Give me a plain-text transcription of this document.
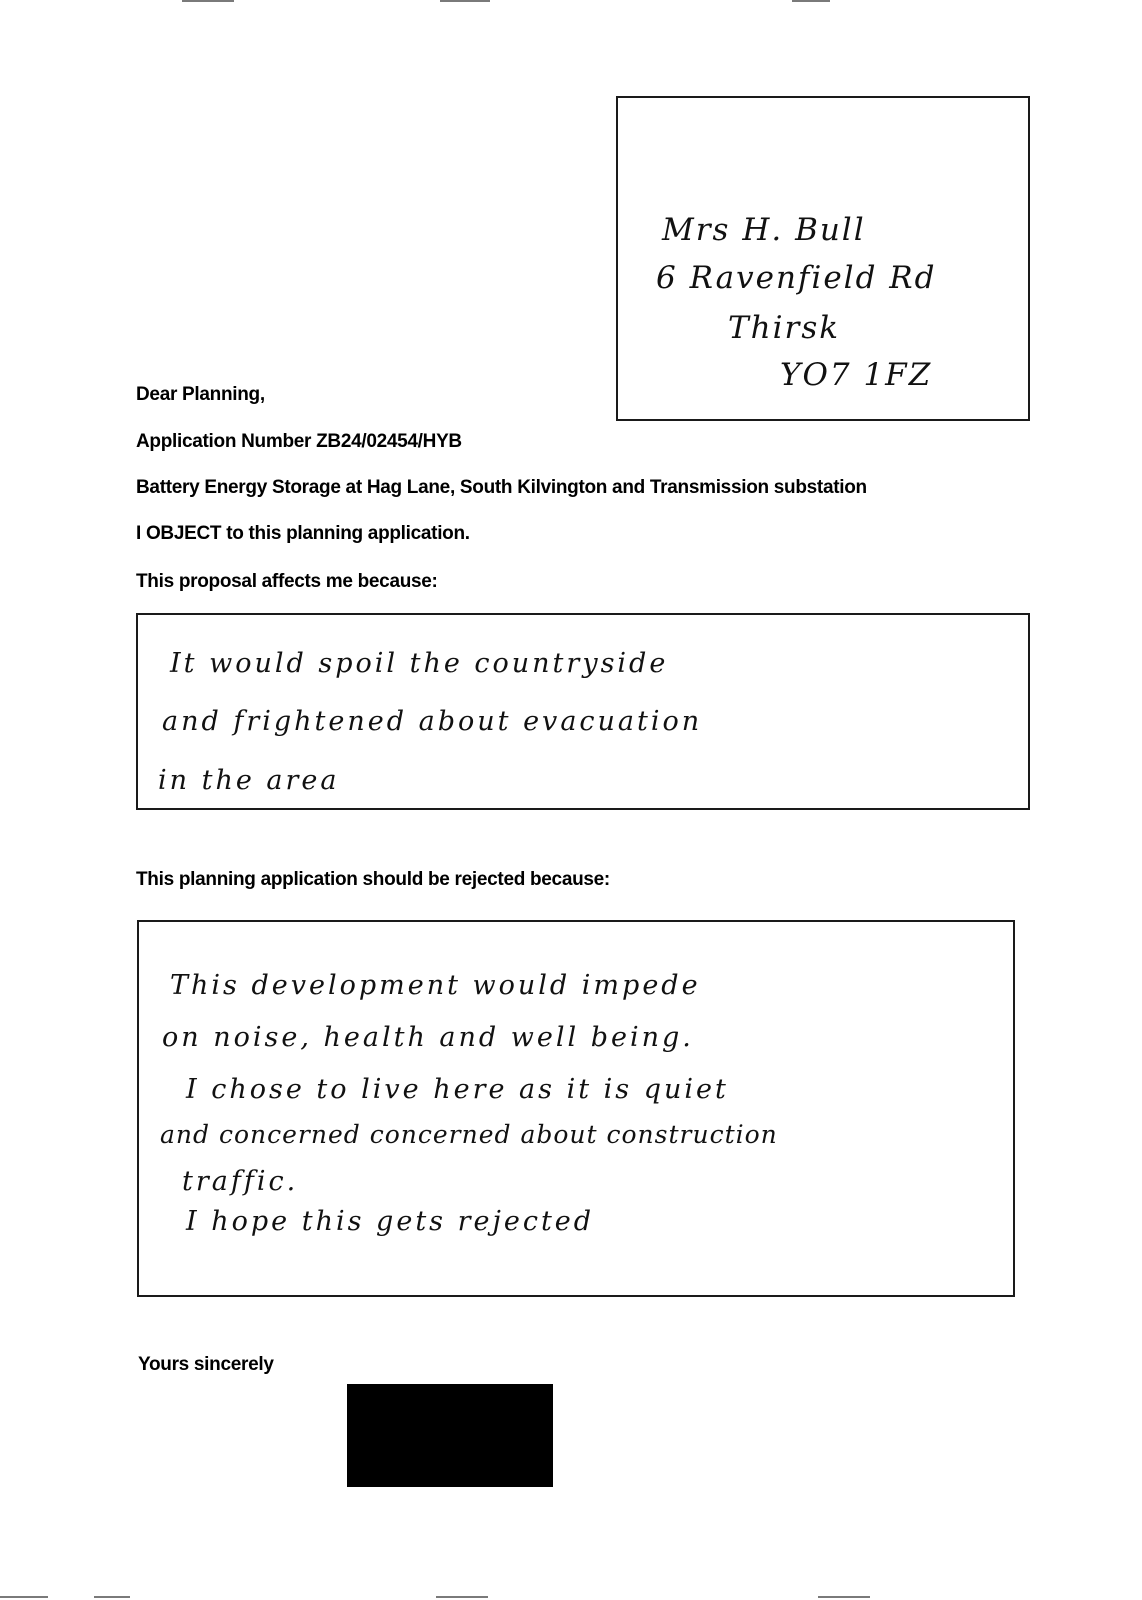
Mrs H. Bull
6 Ravenfield Rd
Thirsk
YO7 1FZ
Dear Planning,
Application Number ZB24/02454/HYB
Battery Energy Storage at Hag Lane, South Kilvington and Transmission substation
I OBJECT to this planning application.
This proposal affects me because:
It would spoil the countryside
and frightened about evacuation
in the area
This planning application should be rejected because:
This development would impede
on noise, health and well being.
I chose to live here as it is quiet
and concerned concerned about construction
traffic.
I hope this gets rejected
Yours sincerely
